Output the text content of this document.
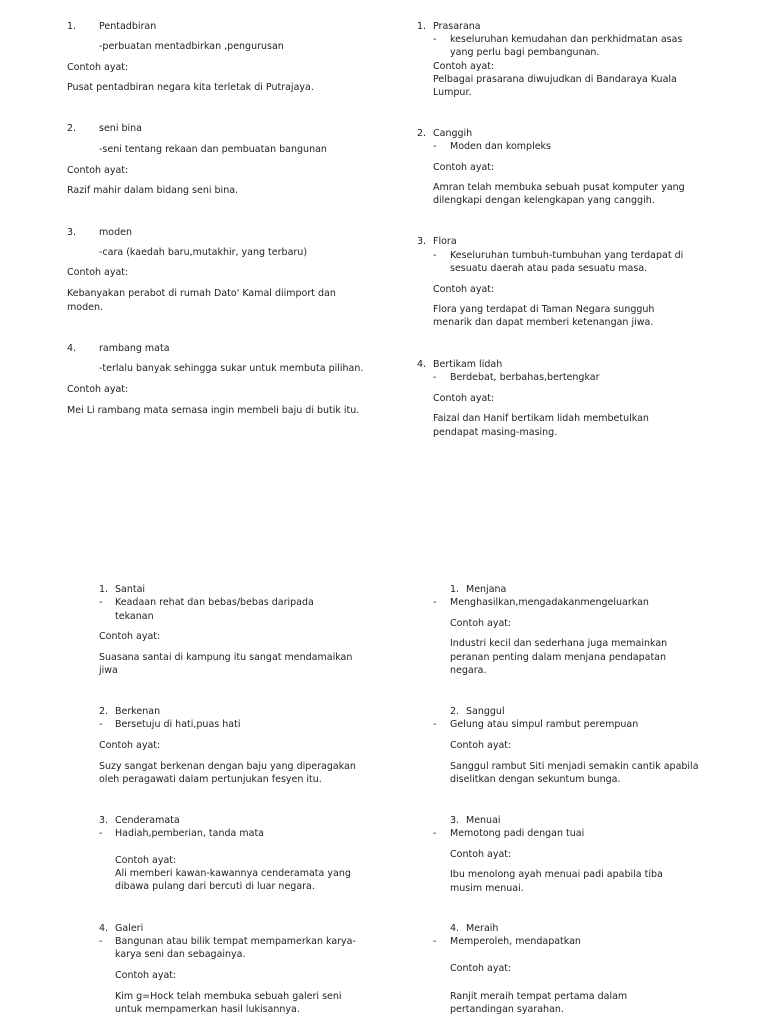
1. Pentadbiran
-perbuatan mentadbirkan ,pengurusan
Contoh ayat:
Pusat pentadbiran negara kita terletak di Putrajaya.
2. seni bina
-seni tentang rekaan dan pembuatan bangunan
Contoh ayat:
Razif mahir dalam bidang seni bina.
3. moden
-cara (kaedah baru,mutakhir, yang terbaru)
Contoh ayat:
Kebanyakan perabot di rumah Dato' Kamal diimport dan
moden.
4. rambang mata
-terlalu banyak sehingga sukar untuk membuta pilihan.
Contoh ayat:
Mei Li rambang mata semasa ingin membeli baju di butik itu.
1. Prasarana
- keseluruhan kemudahan dan perkhidmatan asas
yang perlu bagi pembangunan.
Contoh ayat:
Pelbagai prasarana diwujudkan di Bandaraya Kuala
Lumpur.
2. Canggih
- Moden dan kompleks
Contoh ayat:
Amran telah membuka sebuah pusat komputer yang
dilengkapi dengan kelengkapan yang canggih.
3. Flora
- Keseluruhan tumbuh-tumbuhan yang terdapat di
sesuatu daerah atau pada sesuatu masa.
Contoh ayat:
Flora yang terdapat di Taman Negara sungguh
menarik dan dapat memberi ketenangan jiwa.
4. Bertikam lidah
- Berdebat, berbahas,bertengkar
Contoh ayat:
Faizal dan Hanif bertikam lidah membetulkan
pendapat masing-masing.
1. Santai
- Keadaan rehat dan bebas/bebas daripada
tekanan
Contoh ayat:
Suasana santai di kampung itu sangat mendamaikan
jiwa
2. Berkenan
- Bersetuju di hati,puas hati
Contoh ayat:
Suzy sangat berkenan dengan baju yang diperagakan
oleh peragawati dalam pertunjukan fesyen itu.
3. Cenderamata
- Hadiah,pemberian, tanda mata
Contoh ayat:
Ali memberi kawan-kawannya cenderamata yang
dibawa pulang dari bercuti di luar negara.
4. Galeri
- Bangunan atau bilik tempat mempamerkan karya-
karya seni dan sebagainya.
Contoh ayat:
Kim g=Hock telah membuka sebuah galeri seni
untuk mempamerkan hasil lukisannya.
1. Menjana
- Menghasilkan,mengadakanmengeluarkan
Contoh ayat:
Industri kecil dan sederhana juga memainkan
peranan penting dalam menjana pendapatan
negara.
2. Sanggul
- Gelung atau simpul rambut perempuan
Contoh ayat:
Sanggul rambut Siti menjadi semakin cantik apabila
diselitkan dengan sekuntum bunga.
3. Menuai
- Memotong padi dengan tuai
Contoh ayat:
Ibu menolong ayah menuai padi apabila tiba
musim menuai.
4. Meraih
- Memperoleh, mendapatkan
Contoh ayat:
Ranjit meraih tempat pertama dalam
pertandingan syarahan.
